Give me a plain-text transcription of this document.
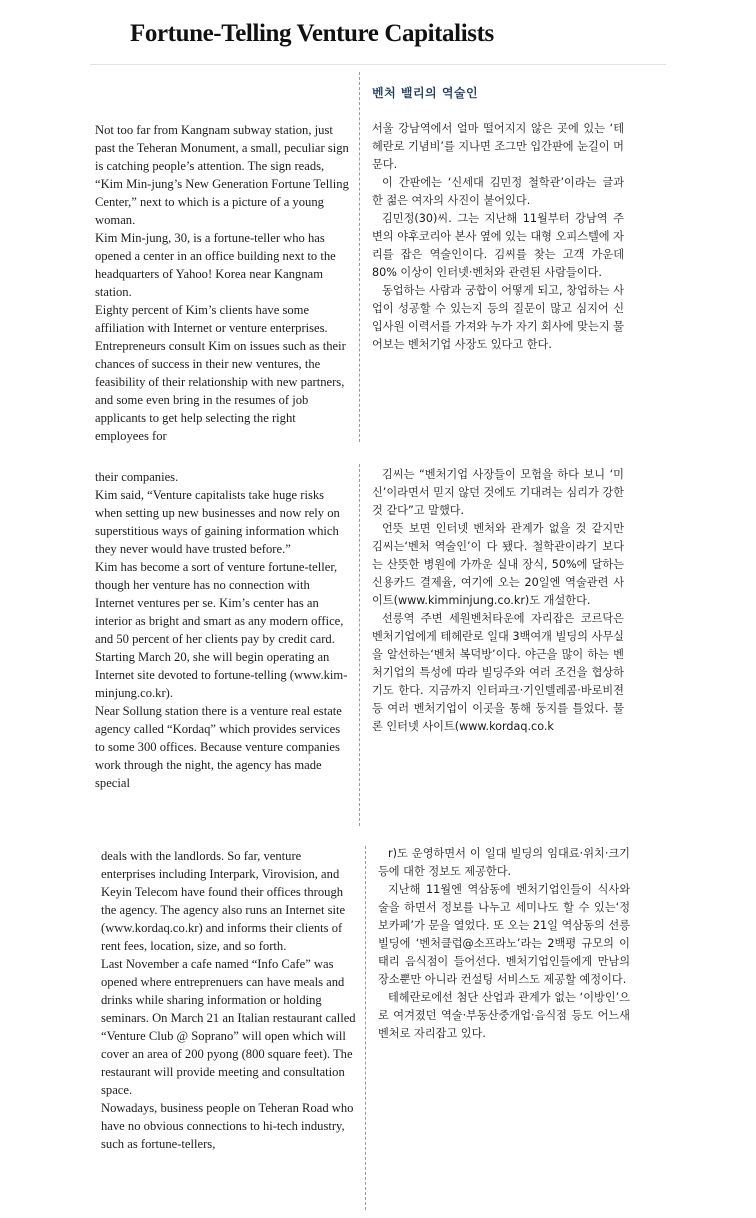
Fortune-Telling Venture Capitalists
벤처 밸리의 역술인

Not too far from Kangnam subway station, just past the Teheran Monument, a small, peculiar sign is catching people’s attention. The sign reads, “Kim Min-jung’s New Generation Fortune Telling Center,” next to which is a picture of a young woman.

Kim Min-jung, 30, is a fortune-teller who has opened a center in an office building next to the headquarters of Yahoo! Korea near Kangnam station.

Eighty percent of Kim’s clients have some affiliation with Internet or venture enterprises. Entrepreneurs consult Kim on issues such as their chances of success in their new ventures, the feasibility of their relationship with new partners, and some even bring in the resumes of job applicants to get help selecting the right employees for

서울 강남역에서 얼마 떨어지지 않은 곳에 있는 ‘테헤란로 기념비’를 지나면 조그만 입간판에 눈길이 머문다.

이 간판에는 ‘신세대 김민정 철학관’이라는 글과 한 젊은 여자의 사진이 붙어있다.

김민정(30)씨. 그는 지난해 11월부터 강남역 주변의 야후코리아 본사 옆에 있는 대형 오피스텔에 자리를 잡은 역술인이다. 김씨를 찾는 고객 가운데 80% 이상이 인터넷·벤처와 관련된 사람들이다.

동업하는 사람과 궁합이 어떻게 되고, 창업하는 사업이 성공할 수 있는지 등의 질문이 많고 심지어 신입사원 이력서를 가져와 누가 자기 회사에 맞는지 물어보는 벤처기업 사장도 있다고 한다.

their companies.

Kim said, “Venture capitalists take huge risks when setting up new businesses and now rely on superstitious ways of gaining information which they never would have trusted before.”

Kim has become a sort of venture fortune-teller, though her venture has no connection with Internet ventures per se. Kim’s center has an interior as bright and smart as any modern office, and 50 percent of her clients pay by credit card. Starting March 20, she will begin operating an Internet site devoted to fortune-telling (www.kim-minjung.co.kr).

Near Sollung station there is a venture real estate agency called “Kordaq” which provides services to some 300 offices. Because venture companies work through the night, the agency has made special

김씨는 “벤처기업 사장들이 모험을 하다 보니 ‘미신’이라면서 믿지 않던 것에도 기대려는 심리가 강한 것 같다”고 말했다.

언뜻 보면 인터넷 벤처와 관계가 없을 것 같지만 김씨는‘벤처 역술인’이 다 됐다. 철학관이라기 보다는 산뜻한 병원에 가까운 실내 장식, 50%에 달하는 신용카드 결제율, 여기에 오는 20일엔 역술관련 사이트(www.kimminjung.co.kr)도 개설한다.

선릉역 주변 세원벤처타운에 자리잡은 코르닥은 벤처기업에게 테헤란로 일대 3백여개 빌딩의 사무실을 알선하는‘벤처 복덕방’이다. 야근을 많이 하는 벤처기업의 특성에 따라 빌딩주와 여러 조건을 협상하기도 한다. 지금까지 인터파크·기인텔레콤·바로비젼 등 여러 벤처기업이 이곳을 통해 둥지를 틀었다. 물론 인터넷 사이트(www.kordaq.co.k

deals with the landlords. So far, venture enterprises including Interpark, Virovision, and Keyin Telecom have found their offices through the agency. The agency also runs an Internet site (www.kordaq.co.kr) and informs their clients of rent fees, location, size, and so forth.

Last November a cafe named “Info Cafe” was opened where entreprenuers can have meals and drinks while sharing information or holding seminars. On March 21 an Italian restaurant called “Venture Club @ Soprano” will open which will cover an area of 200 pyong (800 square feet). The restaurant will provide meeting and consultation space.

Nowadays, business people on Teheran Road who have no obvious connections to hi-tech industry, such as fortune-tellers,

r)도 운영하면서 이 일대 빌딩의 임대료·위치·크기 등에 대한 정보도 제공한다.

지난해 11월엔 역삼동에 벤처기업인들이 식사와 술을 하면서 정보를 나누고 세미나도 할 수 있는‘정보카페’가 문을 열었다. 또 오는 21일 역삼동의 선릉빌딩에 ‘벤처클럽@소프라노’라는 2백평 규모의 이태리 음식점이 들어선다. 벤처기업인들에게 만남의 장소뿐만 아니라 컨설팅 서비스도 제공할 예정이다.

테헤란로에선 첨단 산업과 관계가 없는 ‘이방인’으로 여겨졌던 역술·부동산중개업·음식점 등도 어느새 벤처로 자리잡고 있다.
